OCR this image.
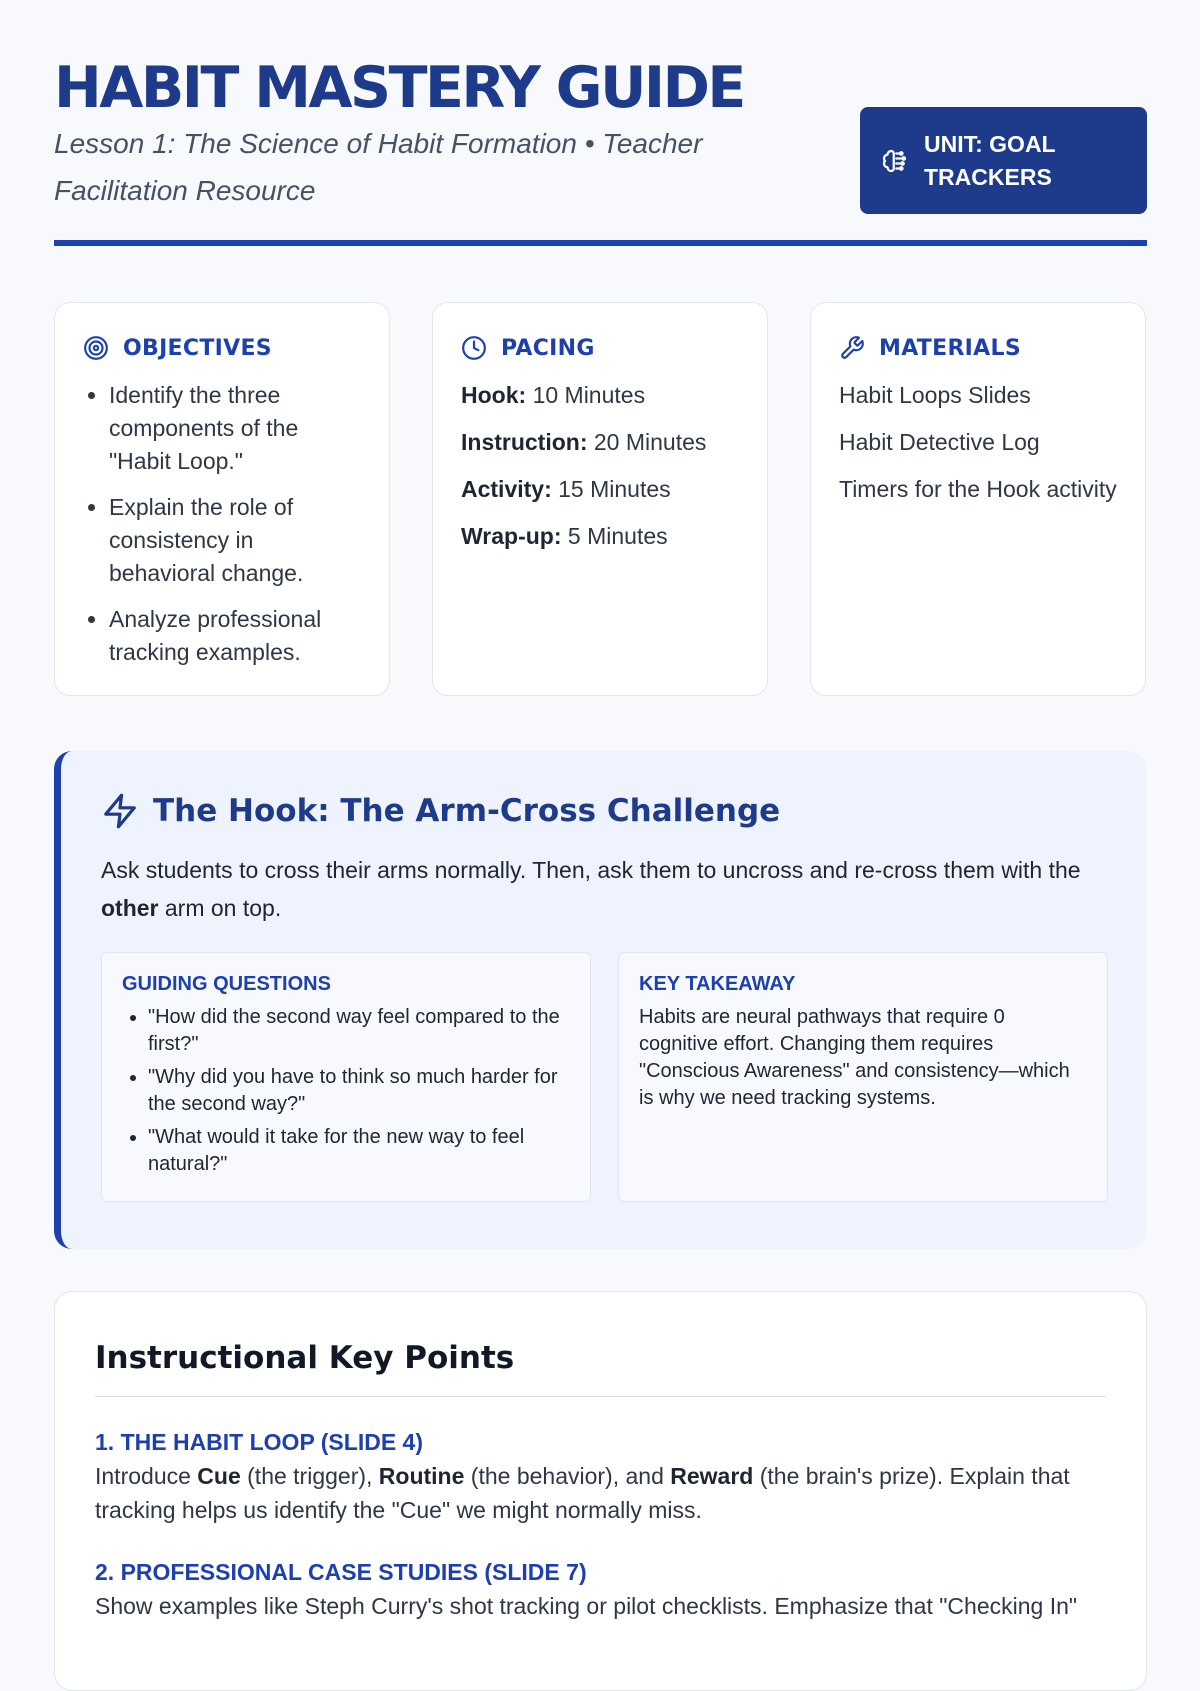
HABIT MASTERY GUIDE
Lesson 1: The Science of Habit Formation • Teacher Facilitation Resource
UNIT: GOAL TRACKERS
OBJECTIVES
• Identify the three components of the "Habit Loop."
• Explain the role of consistency in behavioral change.
• Analyze professional tracking examples.
PACING
Hook: 10 Minutes
Instruction: 20 Minutes
Activity: 15 Minutes
Wrap-up: 5 Minutes
MATERIALS
Habit Loops Slides
Habit Detective Log
Timers for the Hook activity
The Hook: The Arm-Cross Challenge
Ask students to cross their arms normally. Then, ask them to uncross and re-cross them with the other arm on top.
GUIDING QUESTIONS
• "How did the second way feel compared to the first?"
• "Why did you have to think so much harder for the second way?"
• "What would it take for the new way to feel natural?"
KEY TAKEAWAY
Habits are neural pathways that require 0 cognitive effort. Changing them requires "Conscious Awareness" and consistency—which is why we need tracking systems.
Instructional Key Points
1. THE HABIT LOOP (SLIDE 4)
Introduce Cue (the trigger), Routine (the behavior), and Reward (the brain's prize). Explain that tracking helps us identify the "Cue" we might normally miss.
2. PROFESSIONAL CASE STUDIES (SLIDE 7)
Show examples like Steph Curry's shot tracking or pilot checklists. Emphasize that "Checking In"
